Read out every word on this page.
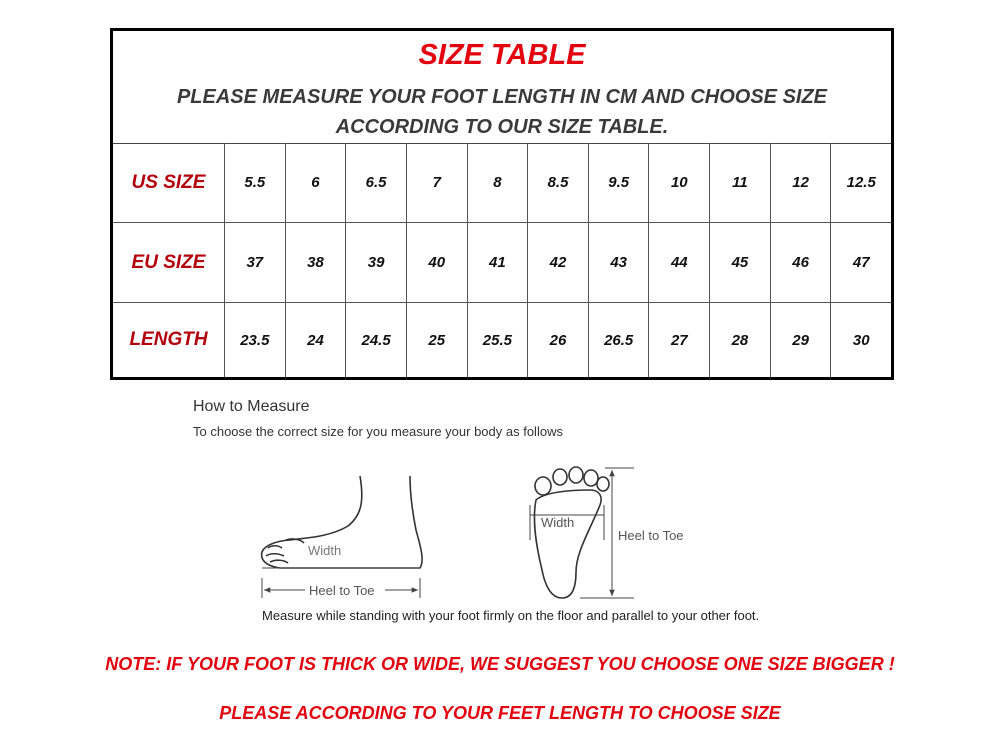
SIZE TABLE
PLEASE MEASURE YOUR FOOT LENGTH IN CM AND CHOOSE SIZE
ACCORDING TO OUR SIZE TABLE.
US SIZE	5.5	6	6.5	7	8	8.5	9.5	10	11	12	12.5
EU SIZE	37	38	39	40	41	42	43	44	45	46	47
LENGTH	23.5	24	24.5	25	25.5	26	26.5	27	28	29	30
How to Measure
To choose the correct size for you measure your body as follows
Heel to Toe
Width
Width
Heel to Toe
Measure while standing with your foot firmly on the floor and parallel to your other foot.
NOTE: IF YOUR FOOT IS THICK OR WIDE, WE SUGGEST YOU CHOOSE ONE SIZE BIGGER !
PLEASE ACCORDING TO YOUR FEET LENGTH TO CHOOSE SIZE
